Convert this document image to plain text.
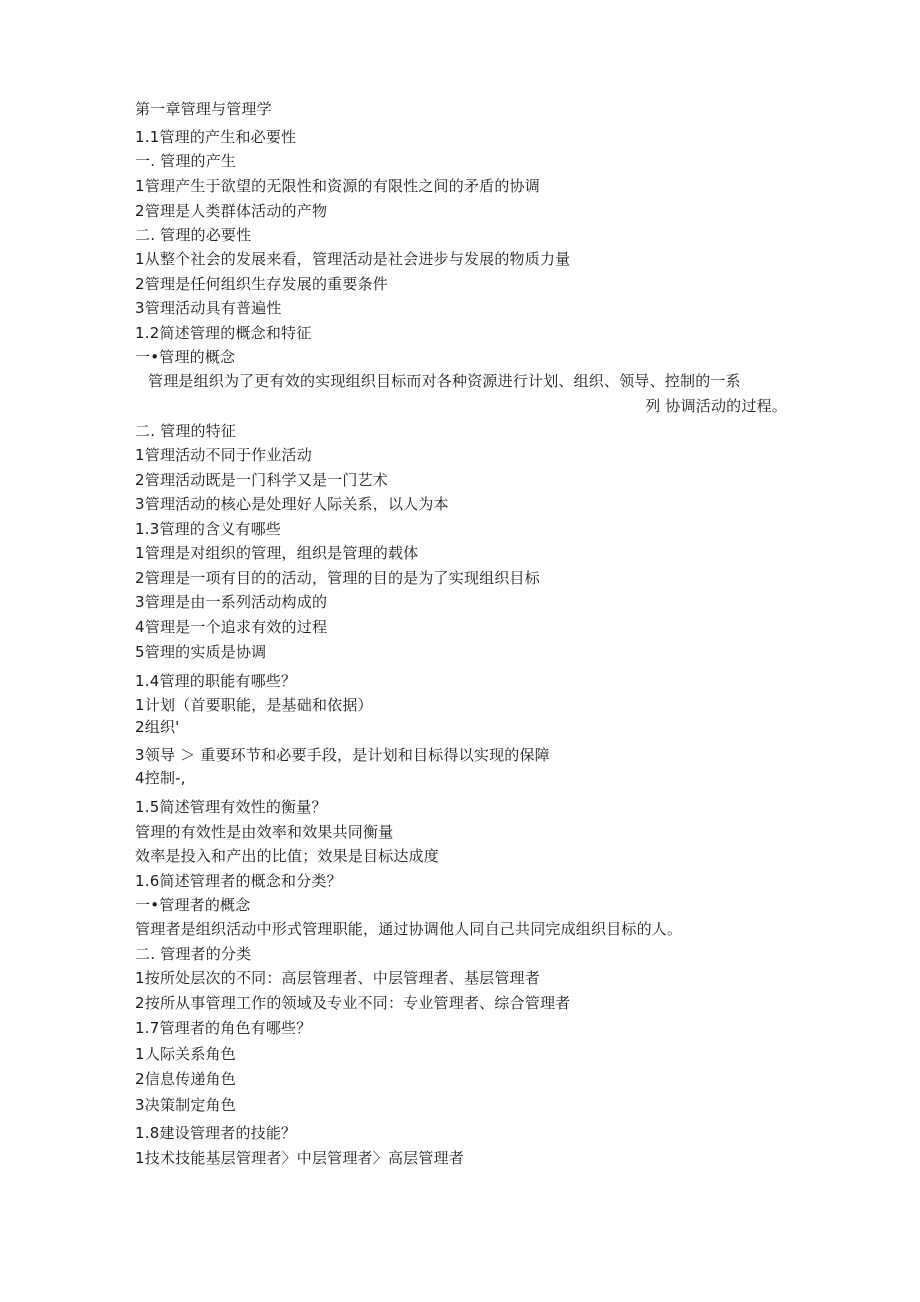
第一章管理与管理学
1.1管理的产生和必要性
一. 管理的产生
1管理产生于欲望的无限性和资源的有限性之间的矛盾的协调
2管理是人类群体活动的产物
二. 管理的必要性
1从整个社会的发展来看，管理活动是社会进步与发展的物质力量
2管理是任何组织生存发展的重要条件
3管理活动具有普遍性
1.2简述管理的概念和特征
一•管理的概念
管理是组织为了更有效的实现组织目标而对各种资源进行计划、组织、领导、控制的一系
列 协调活动的过程。
二. 管理的特征
1管理活动不同于作业活动
2管理活动既是一门科学又是一门艺术
3管理活动的核心是处理好人际关系，以人为本
1.3管理的含义有哪些
1管理是对组织的管理，组织是管理的载体
2管理是一项有目的的活动，管理的目的是为了实现组织目标
3管理是由一系列活动构成的
4管理是一个追求有效的过程
5管理的实质是协调
1.4管理的职能有哪些？
1计划（首要职能，是基础和依据）
2组织'
3领导 ＞ 重要环节和必要手段，是计划和目标得以实现的保障
4控制-,
1.5简述管理有效性的衡量？
管理的有效性是由效率和效果共同衡量
效率是投入和产出的比值；效果是目标达成度
1.6简述管理者的概念和分类？
一•管理者的概念
管理者是组织活动中形式管理职能，通过协调他人同自己共同完成组织目标的人。
二. 管理者的分类
1按所处层次的不同：高层管理者、中层管理者、基层管理者
2按所从事管理工作的领域及专业不同：专业管理者、综合管理者
1.7管理者的角色有哪些？
1人际关系角色
2信息传递角色
3决策制定角色
1.8建设管理者的技能？
1技术技能基层管理者〉中层管理者〉高层管理者
